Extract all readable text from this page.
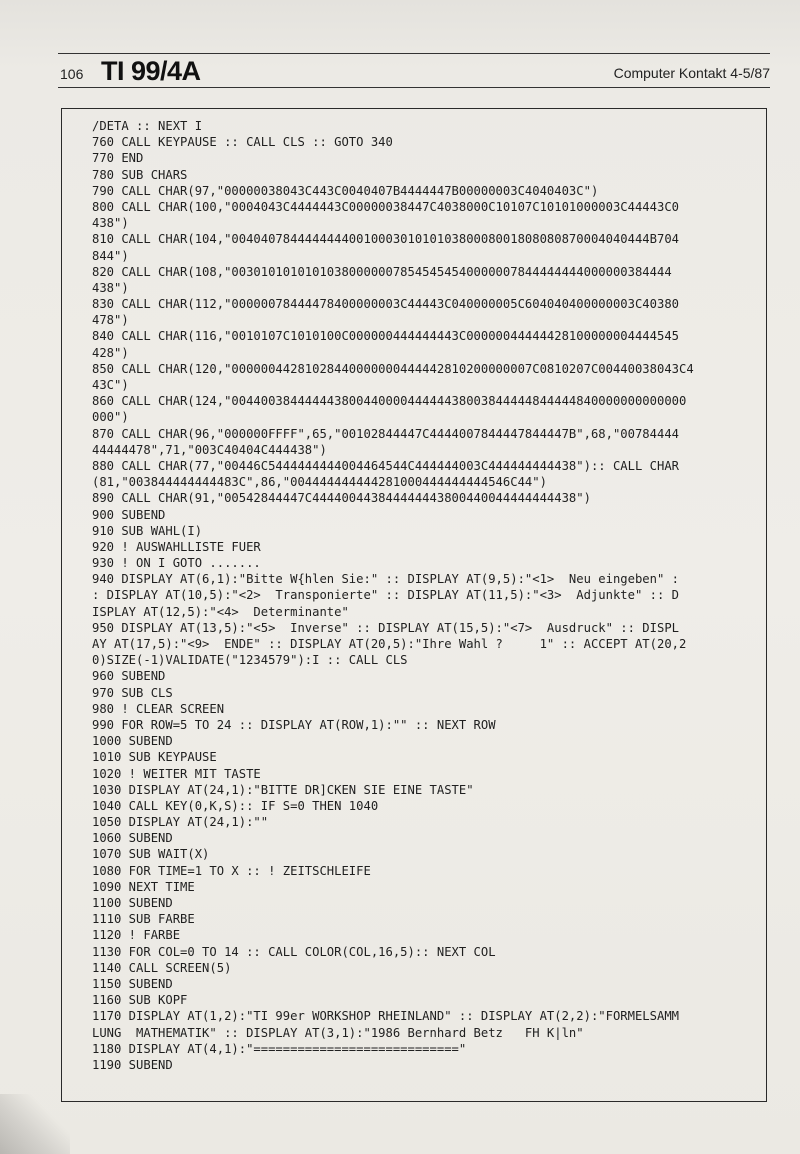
106 TI 99/4A	Computer Kontakt 4-5/87
/DETA :: NEXT I
760 CALL KEYPAUSE :: CALL CLS :: GOTO 340
770 END
780 SUB CHARS
790 CALL CHAR(97,"00000038043C443C0040407B4444447B00000003C4040403C")
800 CALL CHAR(100,"0004043C4444443C00000038447C4038000C10107C10101000003C44443C0
438")
810 CALL CHAR(104,"004040784444444400100030101010380008001808080870004040444B704
844")
820 CALL CHAR(108,"003010101010103800000078545454540000007844444444000000384444
438")
830 CALL CHAR(112,"00000078444478400000003C44443C040000005C604040400000003C40380
478")
840 CALL CHAR(116,"0010107C1010100C000000444444443C00000044444428100000004444545
428")
850 CALL CHAR(120,"00000044281028440000000444442810200000007C0810207C00440038043C4
43C")
860 CALL CHAR(124,"00440038444444380044000044444438003844444844444840000000000000
000")
870 CALL CHAR(96,"000000FFFF",65,"00102844447C4444007844447844447B",68,"00784444
44444478",71,"003C40404C444438")
880 CALL CHAR(77,"00446C5444444444004464544C444444003C444444444438"):: CALL CHAR
(81,"003844444444483C",86,"004444444444281000444444444546C44")
890 CALL CHAR(91,"00542844447C444400443844444443800440044444444438")
900 SUBEND
910 SUB WAHL(I)
920 ! AUSWAHLLISTE FUER
930 ! ON I GOTO .......
940 DISPLAY AT(6,1):"Bitte W{hlen Sie:" :: DISPLAY AT(9,5):"<1>  Neu eingeben" :
: DISPLAY AT(10,5):"<2>  Transponierte" :: DISPLAY AT(11,5):"<3>  Adjunkte" :: D
ISPLAY AT(12,5):"<4>  Determinante"
950 DISPLAY AT(13,5):"<5>  Inverse" :: DISPLAY AT(15,5):"<7>  Ausdruck" :: DISPL
AY AT(17,5):"<9>  ENDE" :: DISPLAY AT(20,5):"Ihre Wahl ?     1" :: ACCEPT AT(20,2
0)SIZE(-1)VALIDATE("1234579"):I :: CALL CLS
960 SUBEND
970 SUB CLS
980 ! CLEAR SCREEN
990 FOR ROW=5 TO 24 :: DISPLAY AT(ROW,1):"" :: NEXT ROW
1000 SUBEND
1010 SUB KEYPAUSE
1020 ! WEITER MIT TASTE
1030 DISPLAY AT(24,1):"BITTE DR]CKEN SIE EINE TASTE"
1040 CALL KEY(0,K,S):: IF S=0 THEN 1040
1050 DISPLAY AT(24,1):""
1060 SUBEND
1070 SUB WAIT(X)
1080 FOR TIME=1 TO X :: ! ZEITSCHLEIFE
1090 NEXT TIME
1100 SUBEND
1110 SUB FARBE
1120 ! FARBE
1130 FOR COL=0 TO 14 :: CALL COLOR(COL,16,5):: NEXT COL
1140 CALL SCREEN(5)
1150 SUBEND
1160 SUB KOPF
1170 DISPLAY AT(1,2):"TI 99er WORKSHOP RHEINLAND" :: DISPLAY AT(2,2):"FORMELSAMM
LUNG  MATHEMATIK" :: DISPLAY AT(3,1):"1986 Bernhard Betz   FH K|ln"
1180 DISPLAY AT(4,1):"============================"
1190 SUBEND
